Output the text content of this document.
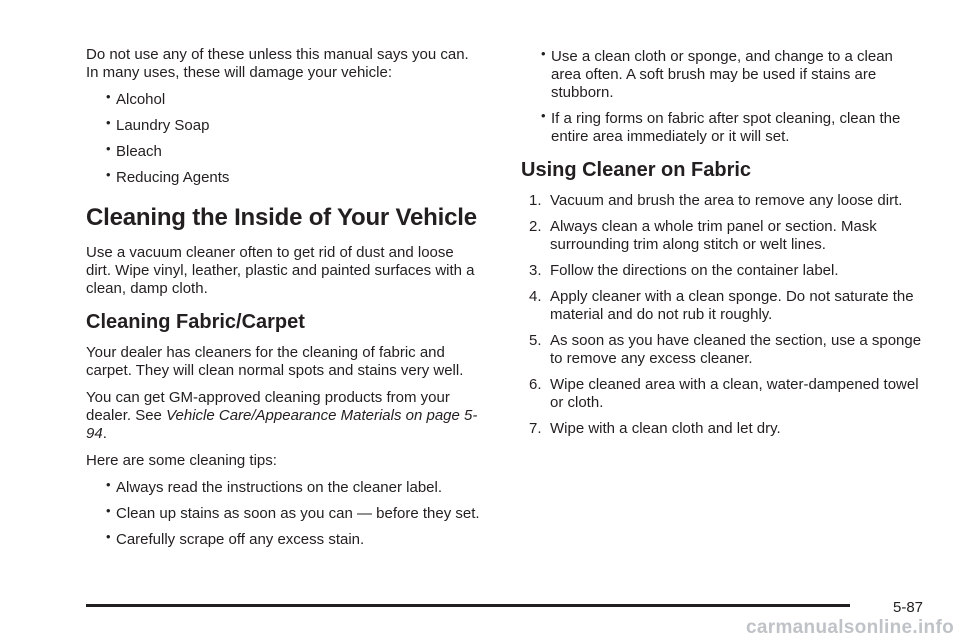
Do not use any of these unless this manual says you can. In many uses, these will damage your vehicle:

• Alcohol
• Laundry Soap
• Bleach
• Reducing Agents
Cleaning the Inside of Your Vehicle

Use a vacuum cleaner often to get rid of dust and loose dirt. Wipe vinyl, leather, plastic and painted surfaces with a clean, damp cloth.

Cleaning Fabric/Carpet

Your dealer has cleaners for the cleaning of fabric and carpet. They will clean normal spots and stains very well.

You can get GM-approved cleaning products from your dealer. See Vehicle Care/Appearance Materials on page 5-94.

Here are some cleaning tips:

• Always read the instructions on the cleaner label.
• Clean up stains as soon as you can — before they set.
• Carefully scrape off any excess stain.
• Use a clean cloth or sponge, and change to a clean area often. A soft brush may be used if stains are stubborn.
• If a ring forms on fabric after spot cleaning, clean the entire area immediately or it will set.
Using Cleaner on Fabric
1. Vacuum and brush the area to remove any loose dirt.
2. Always clean a whole trim panel or section. Mask surrounding trim along stitch or welt lines.
3. Follow the directions on the container label.
4. Apply cleaner with a clean sponge. Do not saturate the material and do not rub it roughly.
5. As soon as you have cleaned the section, use a sponge to remove any excess cleaner.
6. Wipe cleaned area with a clean, water-dampened towel or cloth.
7. Wipe with a clean cloth and let dry.
5-87
carmanualsonline.info
